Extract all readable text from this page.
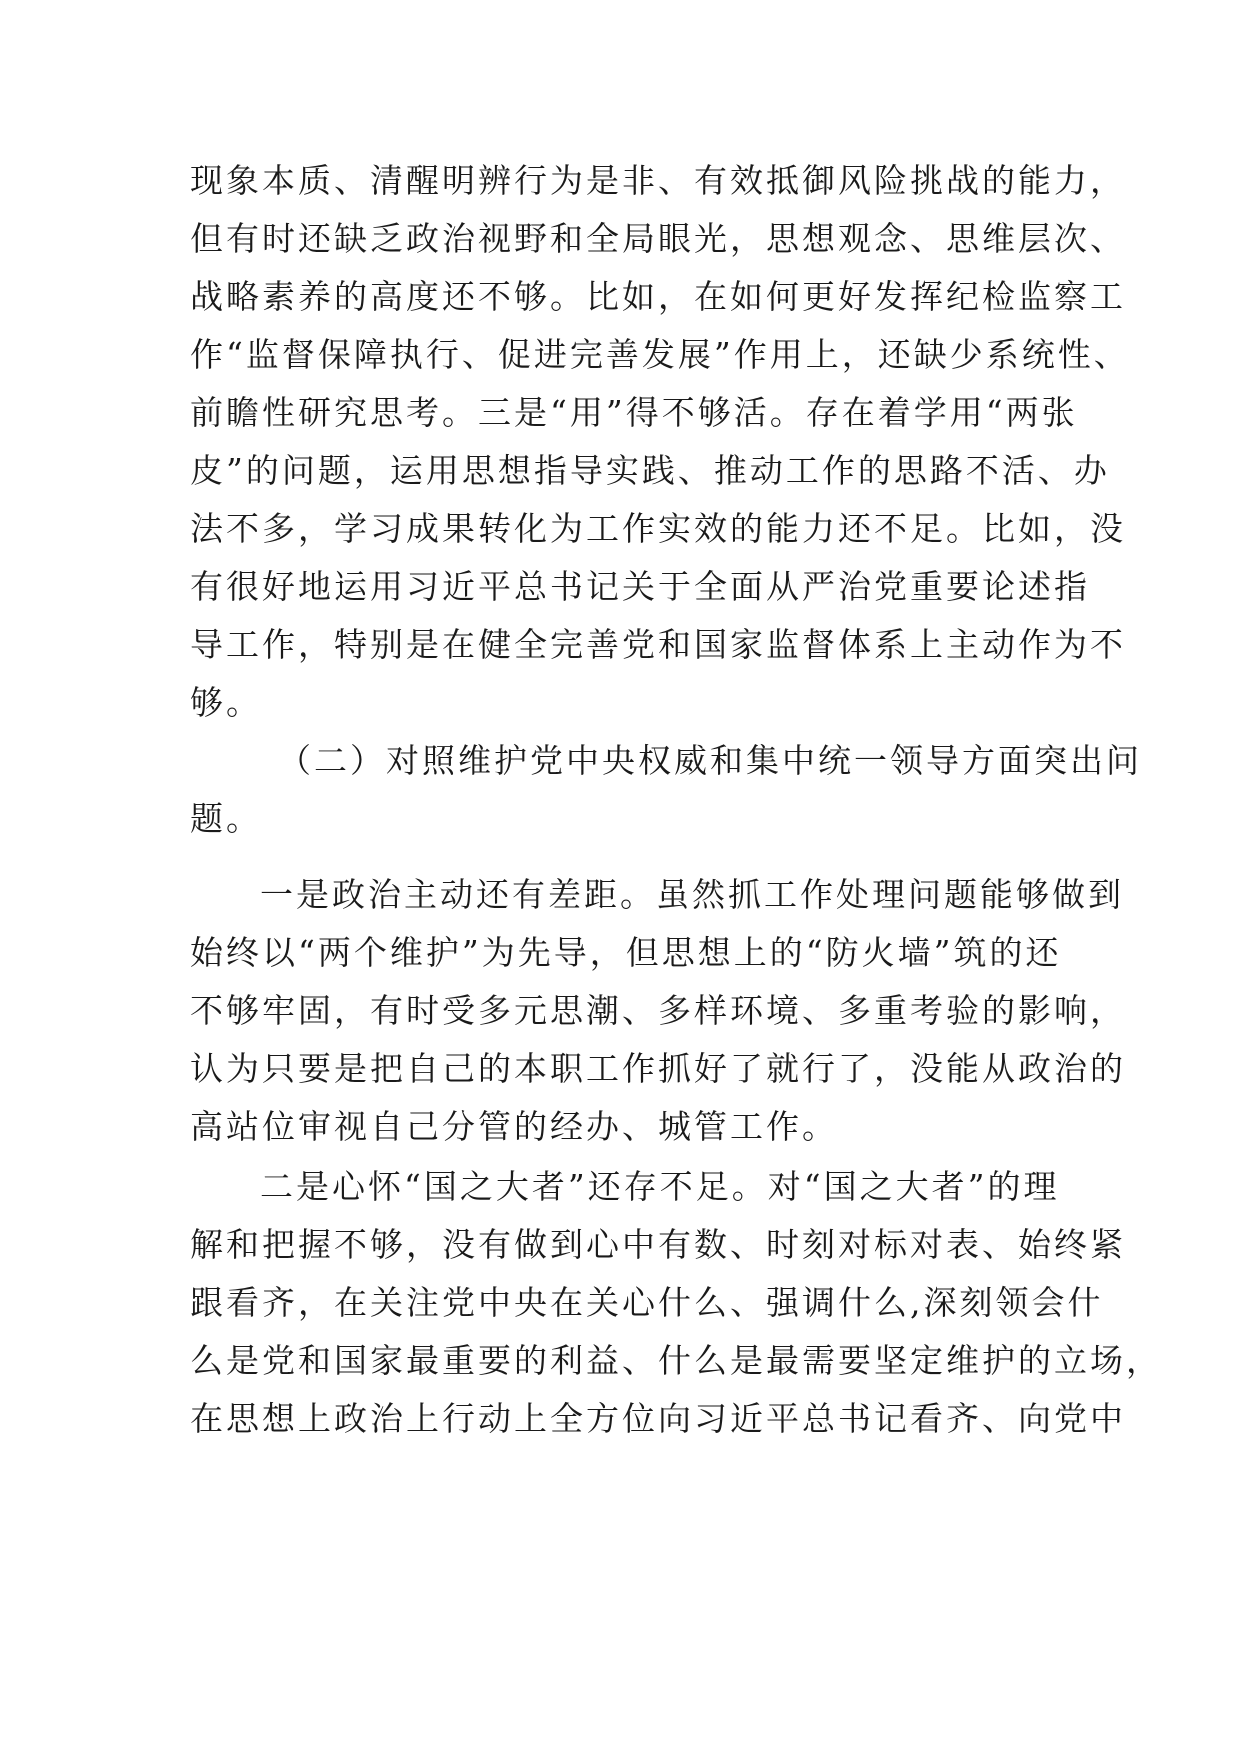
现象本质、清醒明辨行为是非、有效抵御风险挑战的能力，
但有时还缺乏政治视野和全局眼光，思想观念、思维层次、
战略素养的高度还不够。比如，在如何更好发挥纪检监察工
作“监督保障执行、促进完善发展”作用上，还缺少系统性、
前瞻性研究思考。三是“用”得不够活。存在着学用“两张
皮”的问题，运用思想指导实践、推动工作的思路不活、办
法不多，学习成果转化为工作实效的能力还不足。比如，没
有很好地运用习近平总书记关于全面从严治党重要论述指
导工作，特别是在健全完善党和国家监督体系上主动作为不
够。
（二）对照维护党中央权威和集中统一领导方面突出问
题。
一是政治主动还有差距。虽然抓工作处理问题能够做到
始终以“两个维护”为先导，但思想上的“防火墙”筑的还
不够牢固，有时受多元思潮、多样环境、多重考验的影响，
认为只要是把自己的本职工作抓好了就行了，没能从政治的
高站位审视自己分管的经办、城管工作。
二是心怀“国之大者”还存不足。对“国之大者”的理
解和把握不够，没有做到心中有数、时刻对标对表、始终紧
跟看齐，在关注党中央在关心什么、强调什么,深刻领会什
么是党和国家最重要的利益、什么是最需要坚定维护的立场，
在思想上政治上行动上全方位向习近平总书记看齐、向党中
